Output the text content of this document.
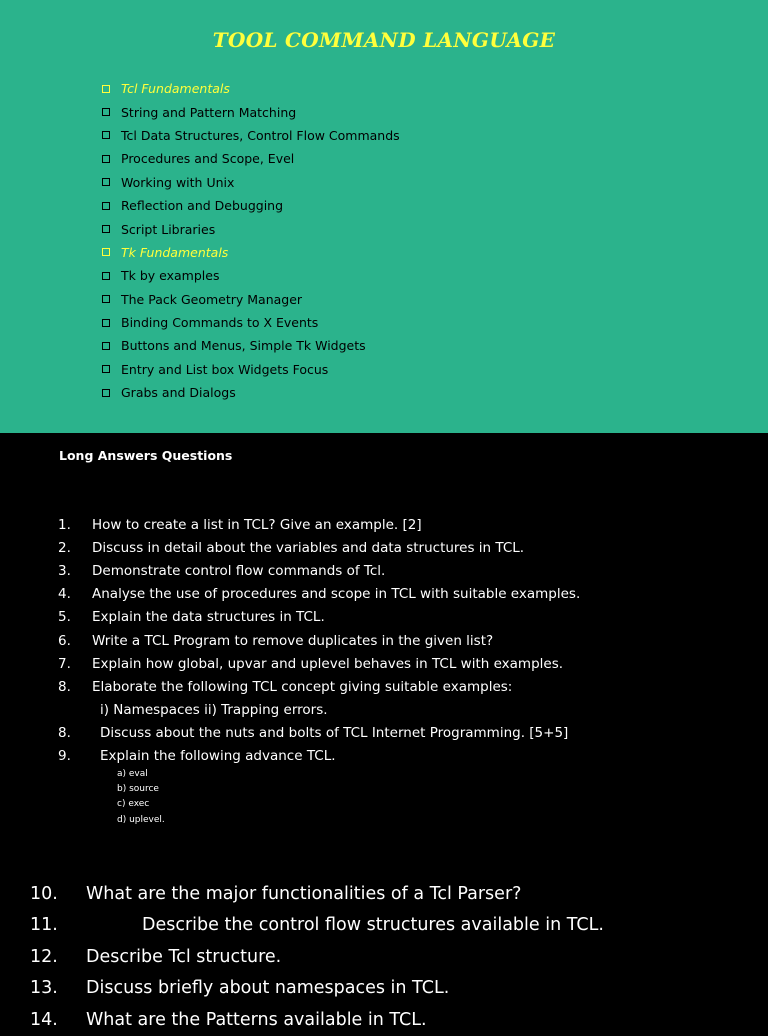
TOOL COMMAND LANGUAGE
Tcl Fundamentals
String and Pattern Matching
Tcl Data Structures, Control Flow Commands
Procedures and Scope, Evel
Working with Unix
Reflection and Debugging
Script Libraries
Tk Fundamentals
Tk by examples
The Pack Geometry Manager
Binding Commands to X Events
Buttons and Menus, Simple Tk Widgets
Entry and List box Widgets Focus
Grabs and Dialogs
Long Answers Questions
1.	How to create a list in TCL? Give an example. [2]
2.	Discuss in detail about the variables and data structures in TCL.
3.	Demonstrate control flow commands of Tcl.
4.	Analyse the use of procedures and scope in TCL with suitable examples.
5.	Explain the data structures in TCL.
6.	Write a TCL Program to remove duplicates in the given list?
7.	Explain how global, upvar and uplevel behaves in TCL with examples.
8.	Elaborate the following TCL concept giving suitable examples:
i) Namespaces ii) Trapping errors.
8.	Discuss about the nuts and bolts of TCL Internet Programming. [5+5]
9.	Explain the following advance TCL.
a) eval
b) source
c) exec
d) uplevel.
10.	What are the major functionalities of a Tcl Parser?
11.	Describe the control flow structures available in TCL.
12.	Describe Tcl structure.
13.	Discuss briefly about namespaces in TCL.
14.	What are the Patterns available in TCL.
